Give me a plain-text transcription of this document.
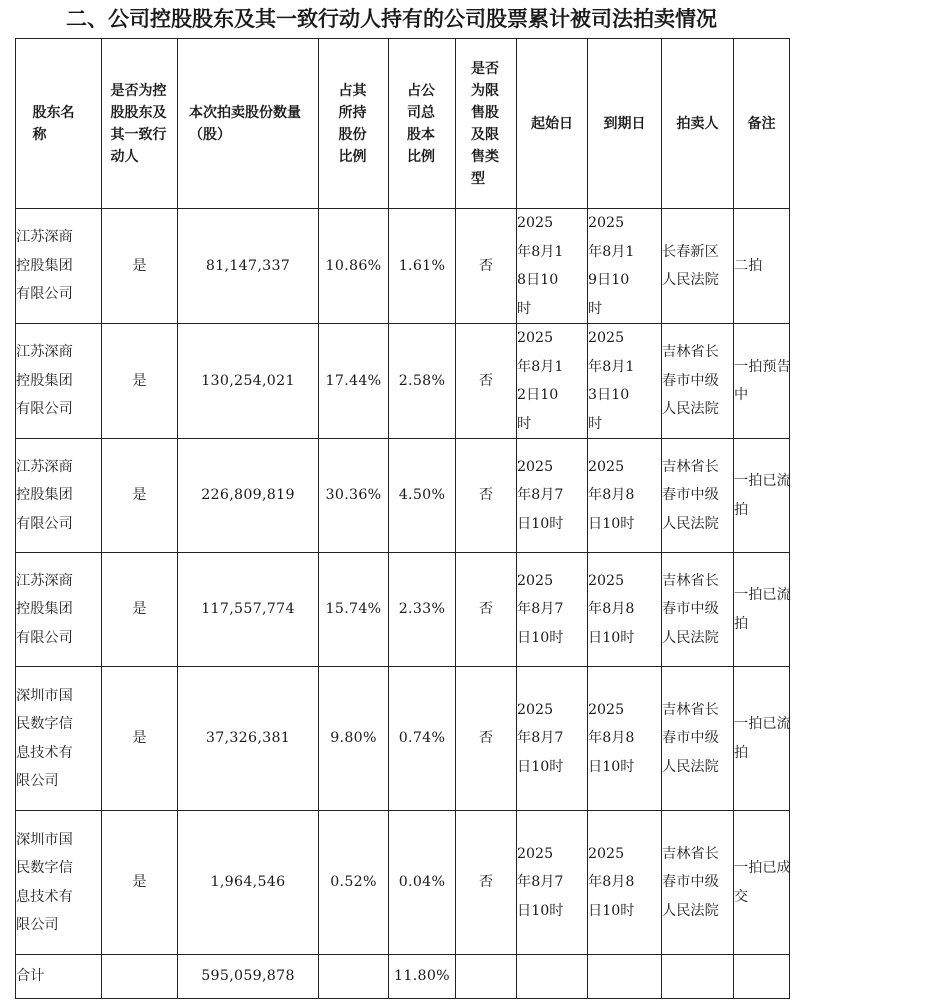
二、公司控股股东及其一致行动人持有的公司股票累计被司法拍卖情况
股东名称	是否为控股股东及其一致行动人	本次拍卖股份数量（股）	占其所持股份比例	占公司总股本比例	是否为限售股及限售类型	起始日	到期日	拍卖人	备注
江苏深商控股集团有限公司	是	81,147,337	10.86%	1.61%	否	2025年8月18日10时	2025年8月19日10时	长春新区人民法院	二拍
江苏深商控股集团有限公司	是	130,254,021	17.44%	2.58%	否	2025年8月12日10时	2025年8月13日10时	吉林省长春市中级人民法院	一拍预告中
江苏深商控股集团有限公司	是	226,809,819	30.36%	4.50%	否	2025年8月7日10时	2025年8月8日10时	吉林省长春市中级人民法院	一拍已流拍
江苏深商控股集团有限公司	是	117,557,774	15.74%	2.33%	否	2025年8月7日10时	2025年8月8日10时	吉林省长春市中级人民法院	一拍已流拍
深圳市国民数字信息技术有限公司	是	37,326,381	9.80%	0.74%	否	2025年8月7日10时	2025年8月8日10时	吉林省长春市中级人民法院	一拍已流拍
深圳市国民数字信息技术有限公司	是	1,964,546	0.52%	0.04%	否	2025年8月7日10时	2025年8月8日10时	吉林省长春市中级人民法院	一拍已成交
合计		595,059,878		11.80%					
